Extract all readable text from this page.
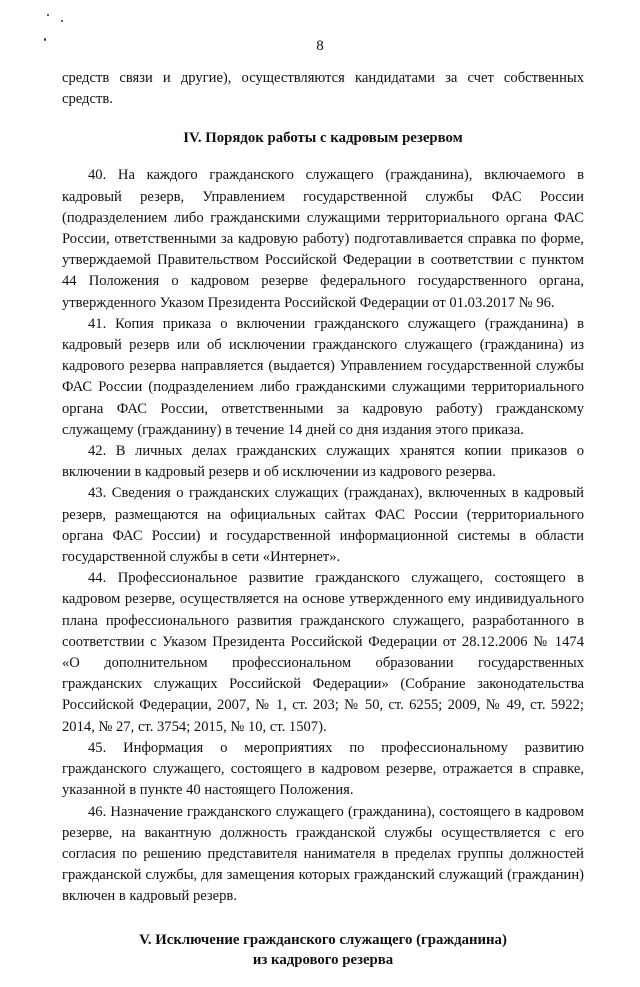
8

средств связи и другие), осуществляются кандидатами за счет собственных средств.

IV. Порядок работы с кадровым резервом

40. На каждого гражданского служащего (гражданина), включаемого в кадровый резерв, Управлением государственной службы ФАС России (подразделением либо гражданскими служащими территориального органа ФАС России, ответственными за кадровую работу) подготавливается справка по форме, утверждаемой Правительством Российской Федерации в соответствии с пунктом 44 Положения о кадровом резерве федерального государственного органа, утвержденного Указом Президента Российской Федерации от 01.03.2017 № 96.

41. Копия приказа о включении гражданского служащего (гражданина) в кадровый резерв или об исключении гражданского служащего (гражданина) из кадрового резерва направляется (выдается) Управлением государственной службы ФАС России (подразделением либо гражданскими служащими территориального органа ФАС России, ответственными за кадровую работу) гражданскому служащему (гражданину) в течение 14 дней со дня издания этого приказа.

42. В личных делах гражданских служащих хранятся копии приказов о включении в кадровый резерв и об исключении из кадрового резерва.

43. Сведения о гражданских служащих (гражданах), включенных в кадровый резерв, размещаются на официальных сайтах ФАС России (территориального органа ФАС России) и государственной информационной системы в области государственной службы в сети «Интернет».

44. Профессиональное развитие гражданского служащего, состоящего в кадровом резерве, осуществляется на основе утвержденного ему индивидуального плана профессионального развития гражданского служащего, разработанного в соответствии с Указом Президента Российской Федерации от 28.12.2006 № 1474 «О дополнительном профессиональном образовании государственных гражданских служащих Российской Федерации» (Собрание законодательства Российской Федерации, 2007, № 1, ст. 203; № 50, ст. 6255; 2009, № 49, ст. 5922; 2014, № 27, ст. 3754; 2015, № 10, ст. 1507).

45. Информация о мероприятиях по профессиональному развитию гражданского служащего, состоящего в кадровом резерве, отражается в справке, указанной в пункте 40 настоящего Положения.

46. Назначение гражданского служащего (гражданина), состоящего в кадровом резерве, на вакантную должность гражданской службы осуществляется с его согласия по решению представителя нанимателя в пределах группы должностей гражданской службы, для замещения которых гражданский служащий (гражданин) включен в кадровый резерв.

V. Исключение гражданского служащего (гражданина)
из кадрового резерва
